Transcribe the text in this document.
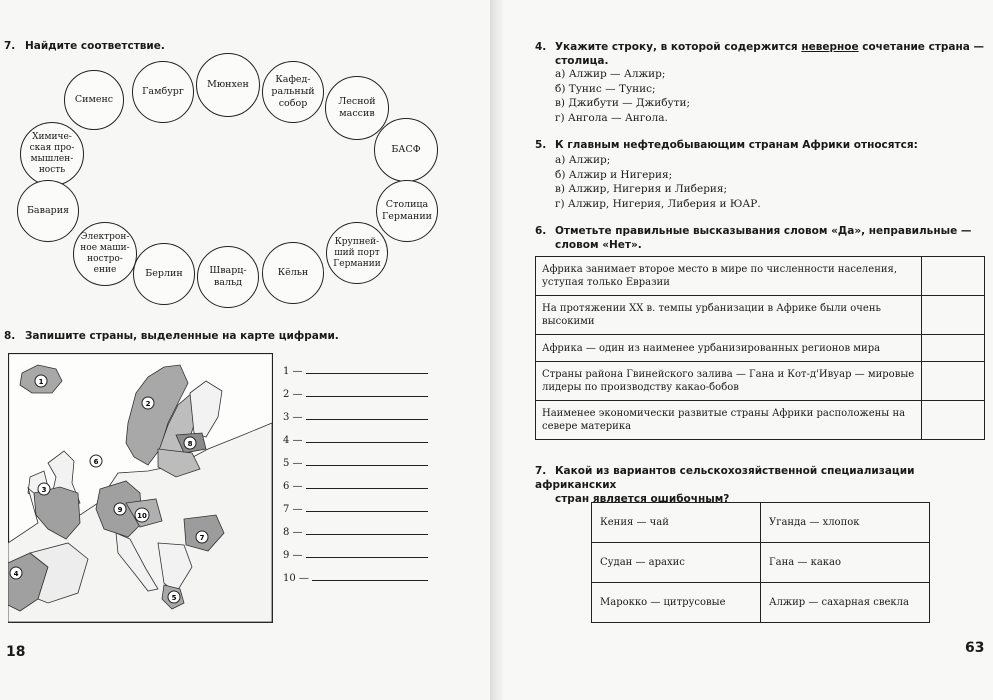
7. Найдите соответствие.
Сименс
Гамбург
Мюнхен	Кафед-
ральный
собор	Лесной
массив
Химиче-
ская про-
мышлен-
ность
БАСФ
Бавария
Столица
Германии
Электрон-
ное маши-
ностро-
ение	Берлин	Шварц-
вальд
Кёльн
Крупней-
ший порт
Германии
8. Запишите страны, выделенные на карте цифрами.
1
2
3
4
5
6
7
8
9
10
1 —
2 —
3 —
4 —
5 —
6 —
7 —
8 —
9 —
10 —
18
4. Укажите строку, в которой содержится неверное сочетание страна —
столица.
а) Алжир — Алжир;
б) Тунис — Тунис;
в) Джибути — Джибути;
г) Ангола — Ангола.
5. К главным нефтедобывающим странам Африки относятся:
а) Алжир;
б) Алжир и Нигерия;
в) Алжир, Нигерия и Либерия;
г) Алжир, Нигерия, Либерия и ЮАР.
6. Отметьте правильные высказывания словом «Да», неправильные —
словом «Нет».
Африка занимает второе место в мире по численности населения, уступая только Евразии	
На протяжении XX в. темпы урбанизации в Африке были очень высокими	
Африка — один из наименее урбанизированных регионов мира	
Страны района Гвинейского залива — Гана и Кот-д'Ивуар — мировые лидеры по производству какао-бобов	
Наименее экономически развитые страны Африки расположены на севере материка	
7. Какой из вариантов сельскохозяйственной специализации африканских
стран является ошибочным?
Кения — чай	Уганда — хлопок
Судан — арахис	Гана — какао
Марокко — цитрусовые	Алжир — сахарная свекла
63
